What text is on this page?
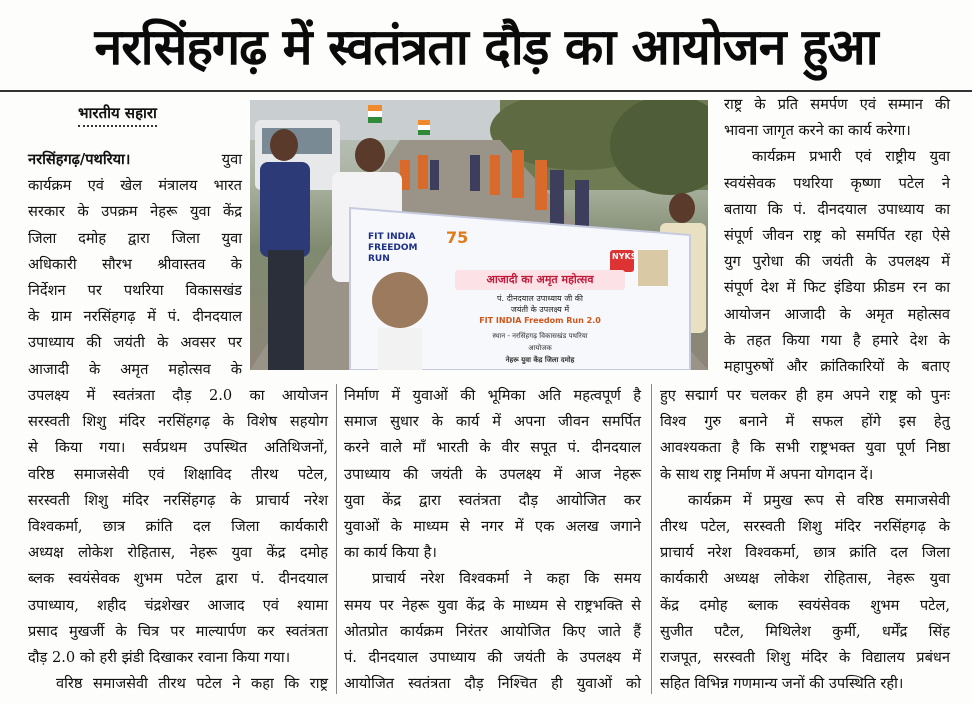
नरसिंहगढ़ में स्वतंत्रता दौड़ का आयोजन हुआ
भारतीय सहारा
FIT INDIA FREEDOM RUN
75
NYKS
आजादी का अमृत महोत्सव
पं. दीनदयाल उपाध्याय जी की
जयंती के उपलक्ष्य में
FIT INDIA Freedom Run 2.0
स्थान - नरसिंहगढ़ विकासखंड पथरिया
आयोजक
नेहरू युवा केंद्र जिला दमोह

नरसिंहगढ़/पथरिया।	युवा

कार्यक्रम एवं खेल मंत्रालय भारत

सरकार के उपक्रम नेहरू युवा केंद्र

जिला दमोह द्वारा जिला युवा

अधिकारी सौरभ श्रीवास्तव के

निर्देशन पर पथरिया विकासखंड

के ग्राम नरसिंहगढ़ में पं. दीनदयाल

उपाध्याय की जयंती के अवसर पर

आजादी के अमृत महोत्सव के

उपलक्ष्य में स्वतंत्रता दौड़ 2.0 का आयोजन

सरस्वती शिशु मंदिर नरसिंहगढ़ के विशेष सहयोग

से किया गया। सर्वप्रथम उपस्थित अतिथिजनों,

वरिष्ठ समाजसेवी एवं शिक्षाविद तीरथ पटेल,

सरस्वती शिशु मंदिर नरसिंहगढ़ के प्राचार्य नरेश

विश्वकर्मा, छात्र क्रांति दल जिला कार्यकारी

अध्यक्ष लोकेश रोहितास, नेहरू युवा केंद्र दमोह

ब्लक स्वयंसेवक शुभम पटेल द्वारा पं. दीनदयाल

उपाध्याय, शहीद चंद्रशेखर आजाद एवं श्यामा

प्रसाद मुखर्जी के चित्र पर माल्यार्पण कर स्वतंत्रता

दौड़ 2.0 को हरी झंडी दिखाकर रवाना किया गया।

वरिष्ठ समाजसेवी तीरथ पटेल ने कहा कि राष्ट्र

निर्माण में युवाओं की भूमिका अति महत्वपूर्ण है

समाज सुधार के कार्य में अपना जीवन समर्पित

करने वाले माँ भारती के वीर सपूत पं. दीनदयाल

उपाध्याय की जयंती के उपलक्ष्य में आज नेहरू

युवा केंद्र द्वारा स्वतंत्रता दौड़ आयोजित कर

युवाओं के माध्यम से नगर में एक अलख जगाने

का कार्य किया है।

प्राचार्य नरेश विश्वकर्मा ने कहा कि समय

समय पर नेहरू युवा केंद्र के माध्यम से राष्ट्रभक्ति से

ओतप्रोत कार्यक्रम निरंतर आयोजित किए जाते हैं

पं. दीनदयाल उपाध्याय की जयंती के उपलक्ष्य में

आयोजित स्वतंत्रता दौड़ निश्चित ही युवाओं को

राष्ट्र के प्रति समर्पण एवं सम्मान की

भावना जागृत करने का कार्य करेगा।

कार्यक्रम प्रभारी एवं राष्ट्रीय युवा

स्वयंसेवक पथरिया कृष्णा पटेल ने

बताया कि पं. दीनदयाल उपाध्याय का

संपूर्ण जीवन राष्ट्र को समर्पित रहा ऐसे

युग पुरोधा की जयंती के उपलक्ष्य में

संपूर्ण देश में फिट इंडिया फ्रीडम रन का

आयोजन आजादी के अमृत महोत्सव

के तहत किया गया है हमारे देश के

महापुरुषों और क्रांतिकारियों के बताए

हुए सद्मार्ग पर चलकर ही हम अपने राष्ट्र को पुनः

विश्व गुरु बनाने में सफल होंगे इस हेतु

आवश्यकता है कि सभी राष्ट्रभक्त युवा पूर्ण निष्ठा

के साथ राष्ट्र निर्माण में अपना योगदान दें।

कार्यक्रम में प्रमुख रूप से वरिष्ठ समाजसेवी

तीरथ पटेल, सरस्वती शिशु मंदिर नरसिंहगढ़ के

प्राचार्य नरेश विश्वकर्मा, छात्र क्रांति दल जिला

कार्यकारी अध्यक्ष लोकेश रोहितास, नेहरू युवा

केंद्र दमोह ब्लाक स्वयंसेवक शुभम पटेल,

सुजीत पटैल, मिथिलेश कुर्मी, धर्मेंद्र सिंह

राजपूत, सरस्वती शिशु मंदिर के विद्यालय प्रबंधन

सहित विभिन्न गणमान्य जनों की उपस्थिति रही।
